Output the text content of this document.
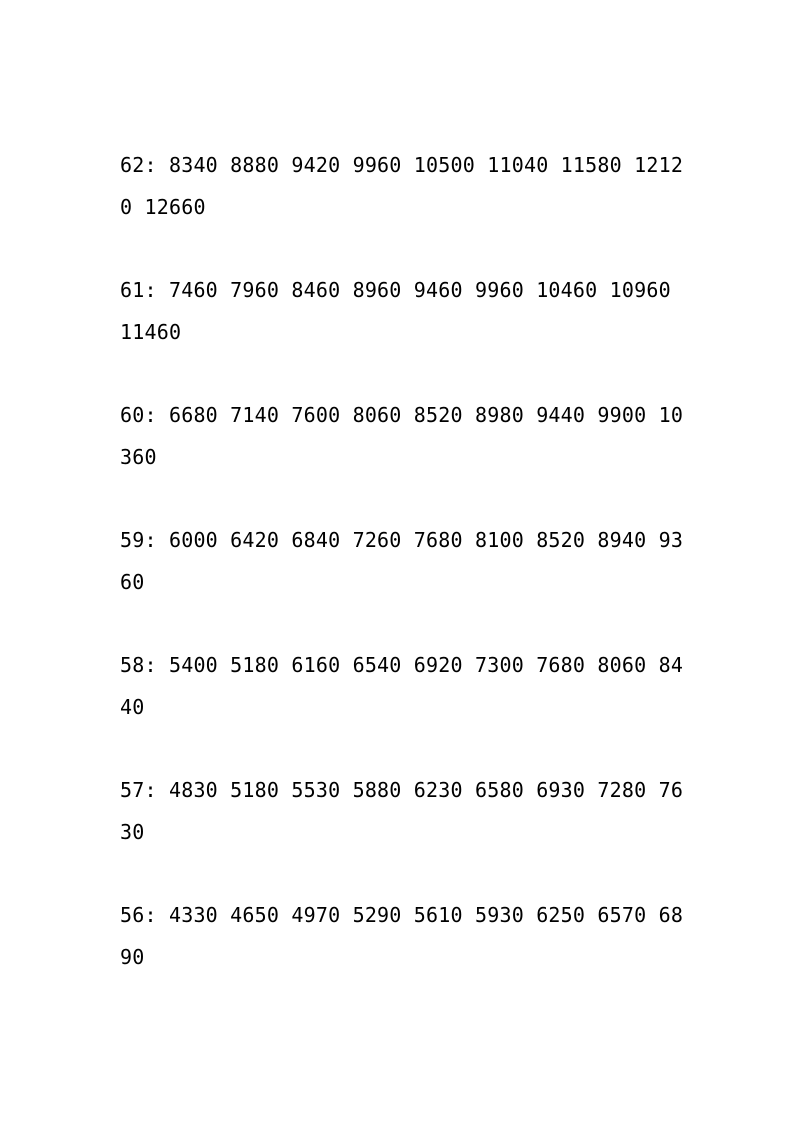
62: 8340 8880 9420 9960 10500 11040 11580 1212
0 12660
61: 7460 7960 8460 8960 9460 9960 10460 10960
11460
60: 6680 7140 7600 8060 8520 8980 9440 9900 10
360
59: 6000 6420 6840 7260 7680 8100 8520 8940 93
60
58: 5400 5180 6160 6540 6920 7300 7680 8060 84
40
57: 4830 5180 5530 5880 6230 6580 6930 7280 76
30
56: 4330 4650 4970 5290 5610 5930 6250 6570 68
90
